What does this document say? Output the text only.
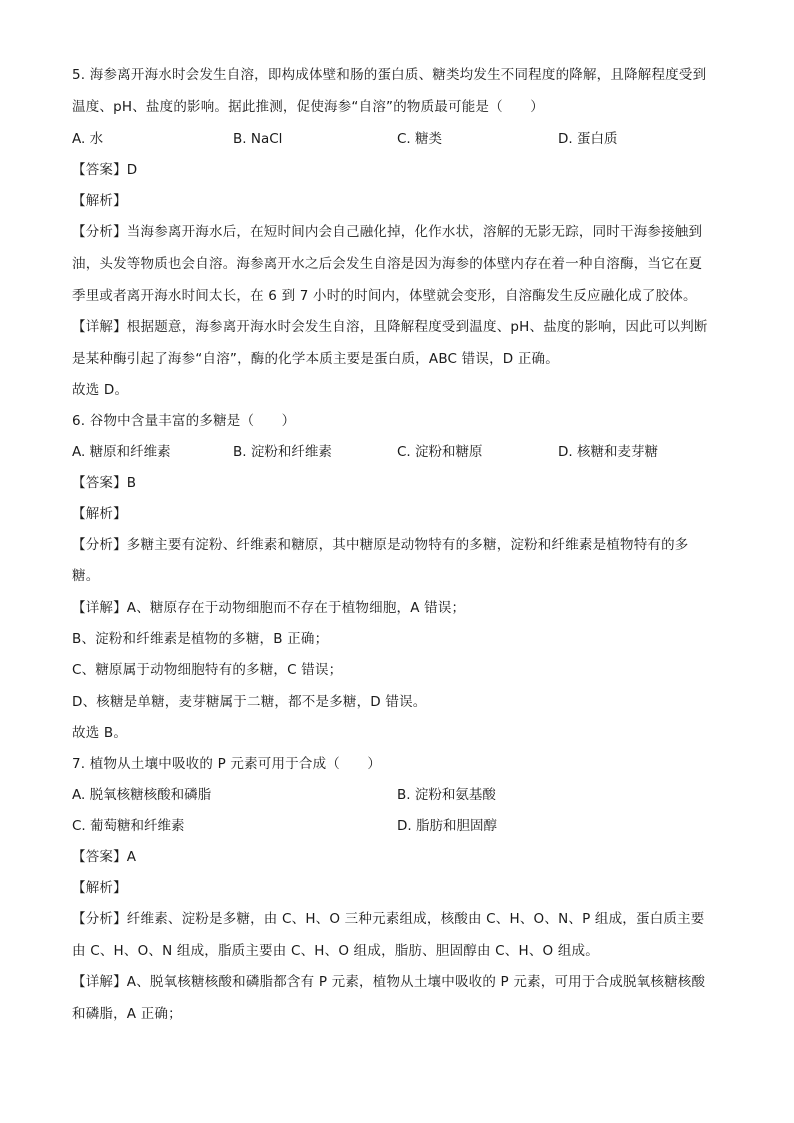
5. 海参离开海水时会发生自溶，即构成体壁和肠的蛋白质、糖类均发生不同程度的降解，且降解程度受到
温度、pH、盐度的影响。据此推测，促使海参“自溶”的物质最可能是（　　）
A. 水	B. NaCl	C. 糖类	D. 蛋白质
【答案】D
【解析】
【分析】当海参离开海水后，在短时间内会自己融化掉，化作水状，溶解的无影无踪，同时干海参接触到
油，头发等物质也会自溶。海参离开水之后会发生自溶是因为海参的体壁内存在着一种自溶酶，当它在夏
季里或者离开海水时间太长，在 6 到 7 小时的时间内，体壁就会变形，自溶酶发生反应融化成了胶体。
【详解】根据题意，海参离开海水时会发生自溶，且降解程度受到温度、pH、盐度的影响，因此可以判断
是某种酶引起了海参“自溶”，酶的化学本质主要是蛋白质，ABC 错误，D 正确。
故选 D。
6. 谷物中含量丰富的多糖是（　　）
A. 糖原和纤维素	B. 淀粉和纤维素	C. 淀粉和糖原	D. 核糖和麦芽糖
【答案】B
【解析】
【分析】多糖主要有淀粉、纤维素和糖原，其中糖原是动物特有的多糖，淀粉和纤维素是植物特有的多
糖。
【详解】A、糖原存在于动物细胞而不存在于植物细胞，A 错误；
B、淀粉和纤维素是植物的多糖，B 正确；
C、糖原属于动物细胞特有的多糖，C 错误；
D、核糖是单糖，麦芽糖属于二糖，都不是多糖，D 错误。
故选 B。
7. 植物从土壤中吸收的 P 元素可用于合成（　　）
A. 脱氧核糖核酸和磷脂	B. 淀粉和氨基酸
C. 葡萄糖和纤维素	D. 脂肪和胆固醇
【答案】A
【解析】
【分析】纤维素、淀粉是多糖，由 C、H、O 三种元素组成，核酸由 C、H、O、N、P 组成，蛋白质主要
由 C、H、O、N 组成，脂质主要由 C、H、O 组成，脂肪、胆固醇由 C、H、O 组成。
【详解】A、脱氧核糖核酸和磷脂都含有 P 元素，植物从土壤中吸收的 P 元素，可用于合成脱氧核糖核酸
和磷脂，A 正确；
